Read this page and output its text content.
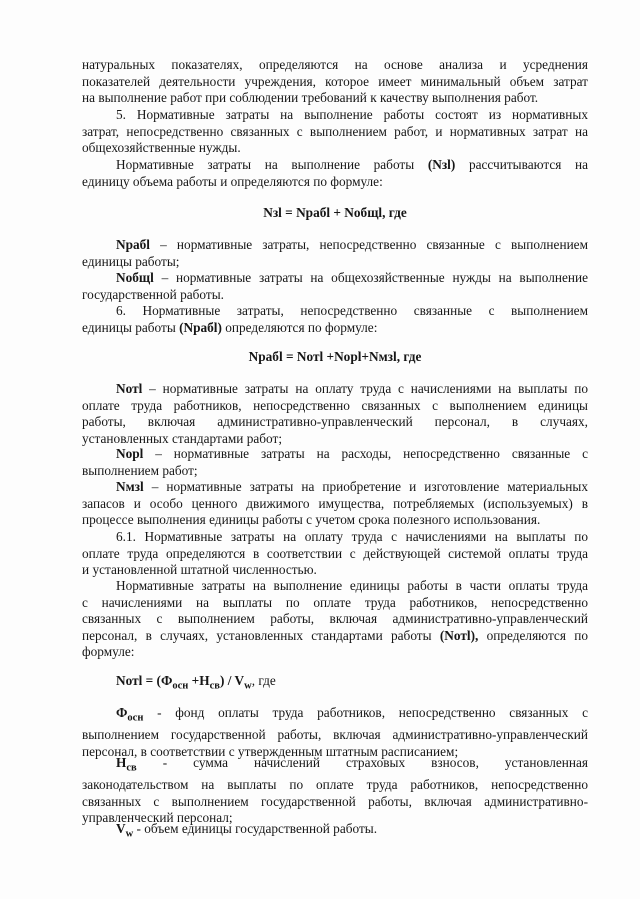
натуральных показателях, определяются на основе анализа и усреднения
показателей деятельности учреждения, которое имеет минимальный объем затрат
на выполнение работ при соблюдении требований к качеству выполнения работ.

5. Нормативные затраты на выполнение работы состоят из нормативных
затрат, непосредственно связанных с выполнением работ, и нормативных затрат на
общехозяйственные нужды.

Нормативные затраты на выполнение работы (Nзl) рассчитываются на
единицу объема работы и определяются по формуле:

Nзl = Nрабl + Nобщl, где

Nрабl – нормативные затраты, непосредственно связанные с выполнением
единицы работы;

Nобщl – нормативные затраты на общехозяйственные нужды на выполнение
государственной работы.

6. Нормативные затраты, непосредственно связанные с выполнением
единицы работы (Nрабl) определяются по формуле:

Nрабl = Nотl +Nорl+Nмзl, где

Nотl – нормативные затраты на оплату труда с начислениями на выплаты по
оплате труда работников, непосредственно связанных с выполнением единицы
работы, включая административно-управленческий персонал, в случаях,
установленных стандартами работ;

Nорl – нормативные затраты на расходы, непосредственно связанные с
выполнением работ;

Nмзl – нормативные затраты на приобретение и изготовление материальных
запасов и особо ценного движимого имущества, потребляемых (используемых) в
процессе выполнения единицы работы с учетом срока полезного использования.

6.1. Нормативные затраты на оплату труда с начислениями на выплаты по
оплате труда определяются в соответствии с действующей системой оплаты труда
и установленной штатной численностью.

Нормативные затраты на выполнение единицы работы в части оплаты труда
с начислениями на выплаты по оплате труда работников, непосредственно
связанных с выполнением работы, включая административно-управленческий
персонал, в случаях, установленных стандартами работы (Nотl), определяются по
формуле:

Nотl = $(Ф_{осн} +Н_{св}) / V_w$, где

$Ф_{осн}$ - фонд оплаты труда работников, непосредственно связанных с
выполнением государственной работы, включая административно-управленческий
персонал, в соответствии с утвержденным штатным расписанием;

$Н_{св}$ - сумма начислений страховых взносов, установленная
законодательством на выплаты по оплате труда работников, непосредственно
связанных с выполнением государственной работы, включая административно-
управленческий персонал;

$V_w$ - объем единицы государственной работы.
